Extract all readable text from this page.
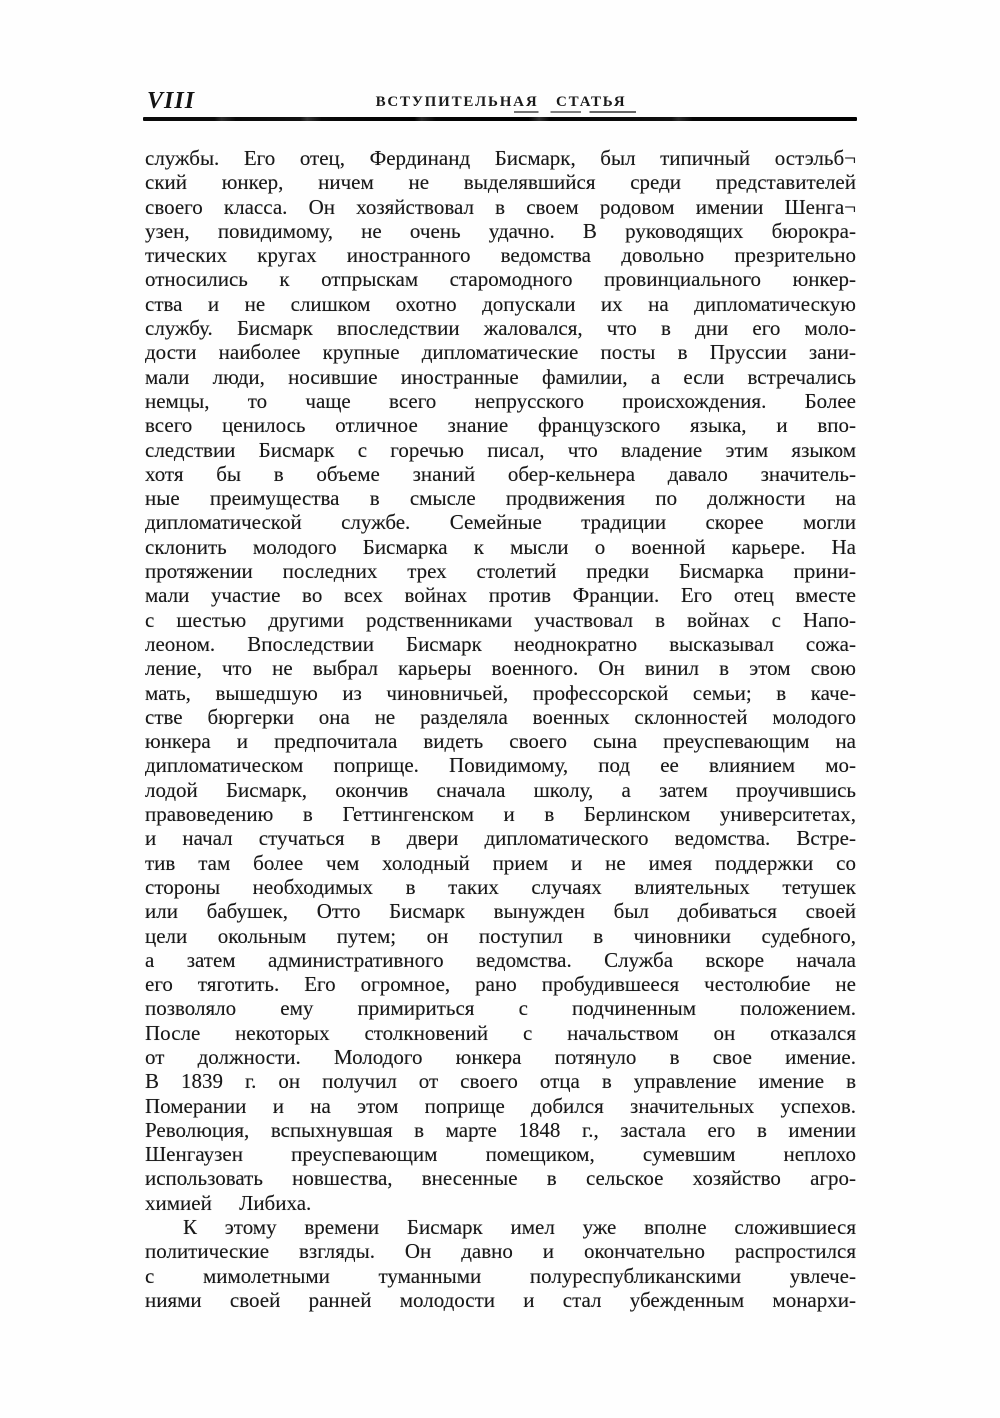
VIII	ВСТУПИТЕЛЬНАЯ СТАТЬЯ
службы. Его отец, Фердинанд Бисмарк, был типичный остэльб¬
ский юнкер, ничем не выделявшийся среди представителей
своего класса. Он хозяйствовал в своем родовом имении Шенга¬
узен, повидимому, не очень удачно. В руководящих бюрокра-
тических кругах иностранного ведомства довольно презрительно
относились к отпрыскам старомодного провинциального юнкер-
ства и не слишком охотно допускали их на дипломатическую
службу. Бисмарк впоследствии жаловался, что в дни его моло-
дости наиболее крупные дипломатические посты в Пруссии зани-
мали люди, носившие иностранные фамилии, а если встречались
немцы, то чаще всего непрусского происхождения. Более
всего ценилось отличное знание французского языка, и впо-
следствии Бисмарк с горечью писал, что владение этим языком
хотя бы в объеме знаний обер-кельнера давало значитель-
ные преимущества в смысле продвижения по должности на
дипломатической службе. Семейные традиции скорее могли
склонить молодого Бисмарка к мысли о военной карьере. На
протяжении последних трех столетий предки Бисмарка прини-
мали участие во всех войнах против Франции. Его отец вместе
с шестью другими родственниками участвовал в войнах с Напо-
леоном. Впоследствии Бисмарк неоднократно высказывал сожа-
ление, что не выбрал карьеры военного. Он винил в этом свою
мать, вышедшую из чиновничьей, профессорской семьи; в каче-
стве бюргерки она не разделяла военных склонностей молодого
юнкера и предпочитала видеть своего сына преуспевающим на
дипломатическом поприще. Повидимому, под ее влиянием мо-
лодой Бисмарк, окончив сначала школу, а затем проучившись
правоведению в Геттингенском и в Берлинском университетах,
и начал стучаться в двери дипломатического ведомства. Встре-
тив там более чем холодный прием и не имея поддержки со
стороны необходимых в таких случаях влиятельных тетушек
или бабушек, Отто Бисмарк вынужден был добиваться своей
цели окольным путем; он поступил в чиновники судебного,
а затем административного ведомства. Служба вскоре начала
его тяготить. Его огромное, рано пробудившееся честолюбие не
позволяло ему примириться с подчиненным положением.
После некоторых столкновений с начальством он отказался
от должности. Молодого юнкера потянуло в свое имение.
В 1839 г. он получил от своего отца в управление имение в
Померании и на этом поприще добился значительных успехов.
Революция, вспыхнувшая в марте 1848 г., застала его в имении
Шенгаузен преуспевающим помещиком, сумевшим неплохо
использовать новшества, внесенные в сельское хозяйство агро-
химией Либиха.
К этому времени Бисмарк имел уже вполне сложившиеся
политические взгляды. Он давно и окончательно распростился
с мимолетными туманными полуреспубликанскими увлече-
ниями своей ранней молодости и стал убежденным монархи-
